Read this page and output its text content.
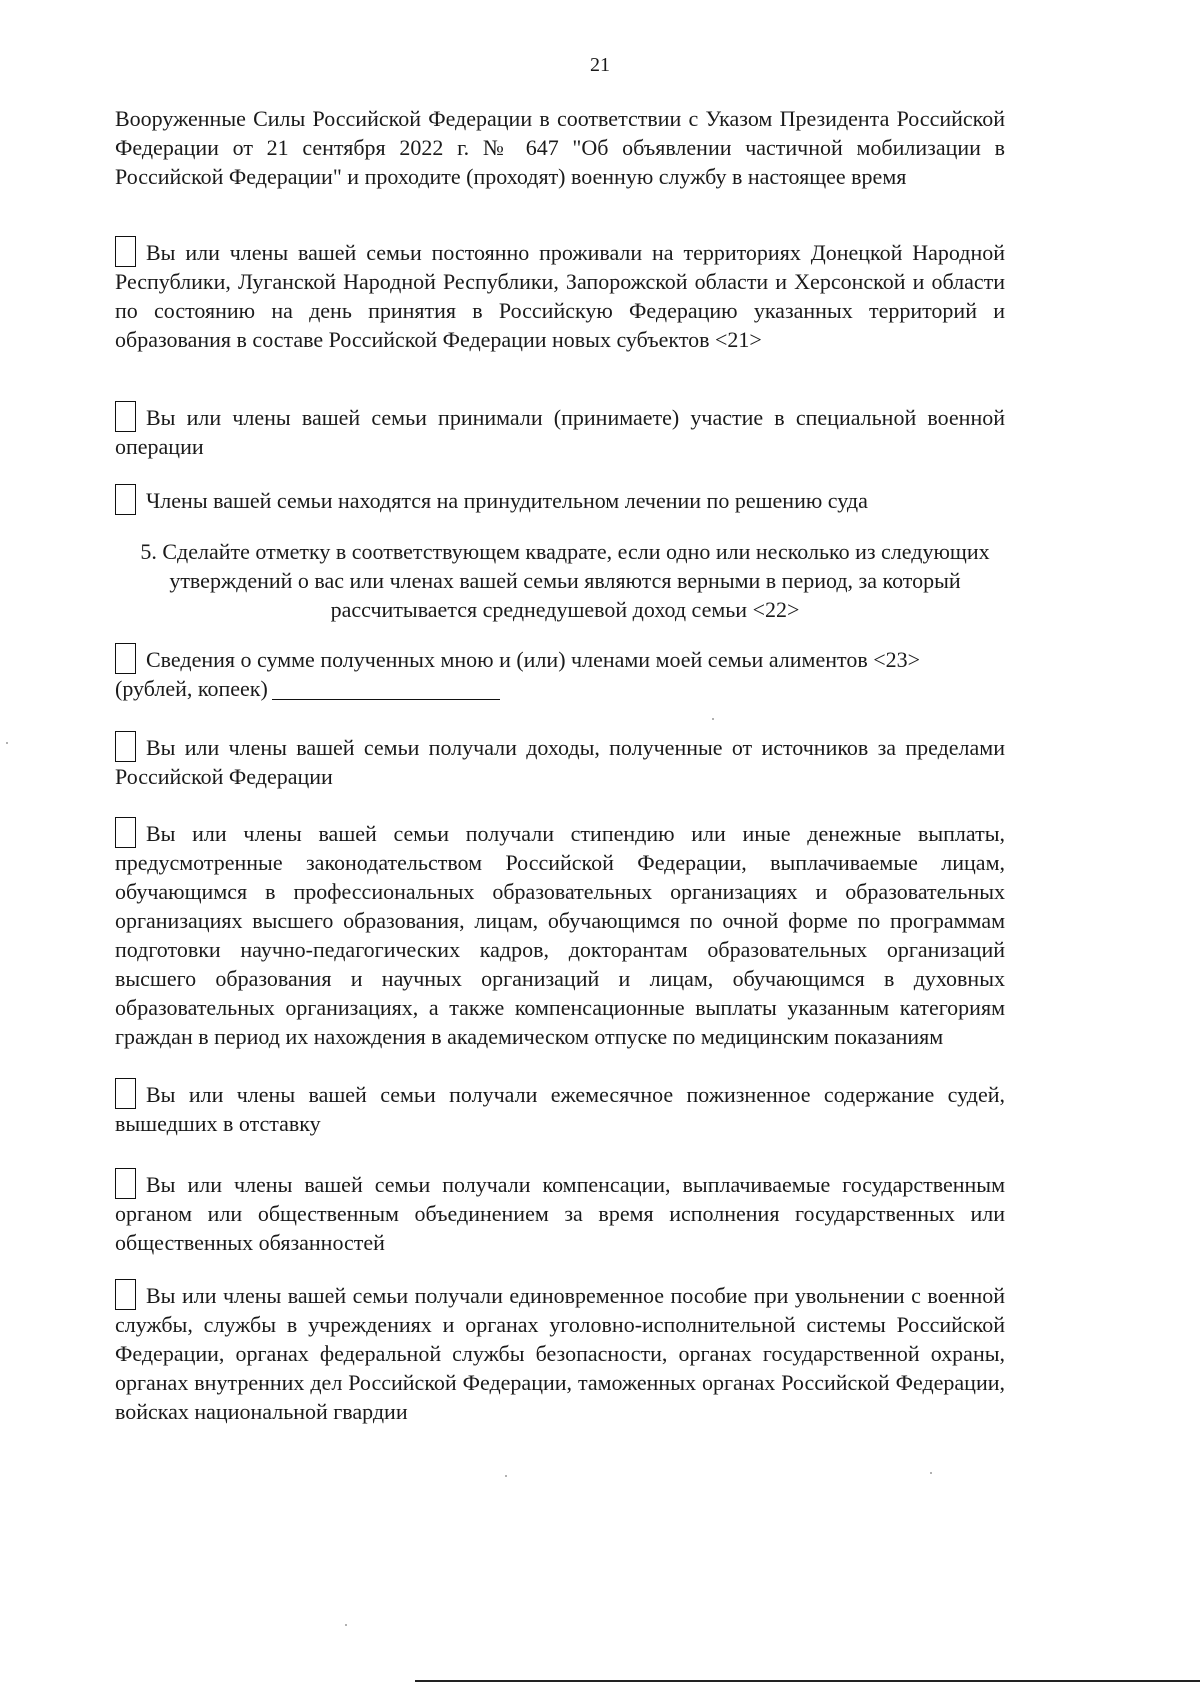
21
Вооруженные Силы Российской Федерации в соответствии с Указом Президента Российской Федерации от 21 сентября 2022 г. № 647 "Об объявлении частичной мобилизации в Российской Федерации" и проходите (проходят) военную службу в настоящее время
Вы или члены вашей семьи постоянно проживали на территориях Донецкой Народной Республики, Луганской Народной Республики, Запорожской области и Херсонской и области по состоянию на день принятия в Российскую Федерацию указанных территорий и образования в составе Российской Федерации новых субъектов <21>
Вы или члены вашей семьи принимали (принимаете) участие в специальной военной операции
Члены вашей семьи находятся на принудительном лечении по решению суда
5. Сделайте отметку в соответствующем квадрате, если одно или несколько из следующих утверждений о вас или членах вашей семьи являются верными в период, за который рассчитывается среднедушевой доход семьи <22>
Сведения о сумме полученных мною и (или) членами моей семьи алиментов <23>
(рублей, копеек)
Вы или члены вашей семьи получали доходы, полученные от источников за пределами Российской Федерации
Вы или члены вашей семьи получали стипендию или иные денежные выплаты, предусмотренные законодательством Российской Федерации, выплачиваемые лицам, обучающимся в профессиональных образовательных организациях и образовательных организациях высшего образования, лицам, обучающимся по очной форме по программам подготовки научно-педагогических кадров, докторантам образовательных организаций высшего образования и научных организаций и лицам, обучающимся в духовных образовательных организациях, а также компенсационные выплаты указанным категориям граждан в период их нахождения в академическом отпуске по медицинским показаниям
Вы или члены вашей семьи получали ежемесячное пожизненное содержание судей, вышедших в отставку
Вы или члены вашей семьи получали компенсации, выплачиваемые государственным органом или общественным объединением за время исполнения государственных или общественных обязанностей
Вы или члены вашей семьи получали единовременное пособие при увольнении с военной службы, службы в учреждениях и органах уголовно-исполнительной системы Российской Федерации, органах федеральной службы безопасности, органах государственной охраны, органах внутренних дел Российской Федерации, таможенных органах Российской Федерации, войсках национальной гвардии
